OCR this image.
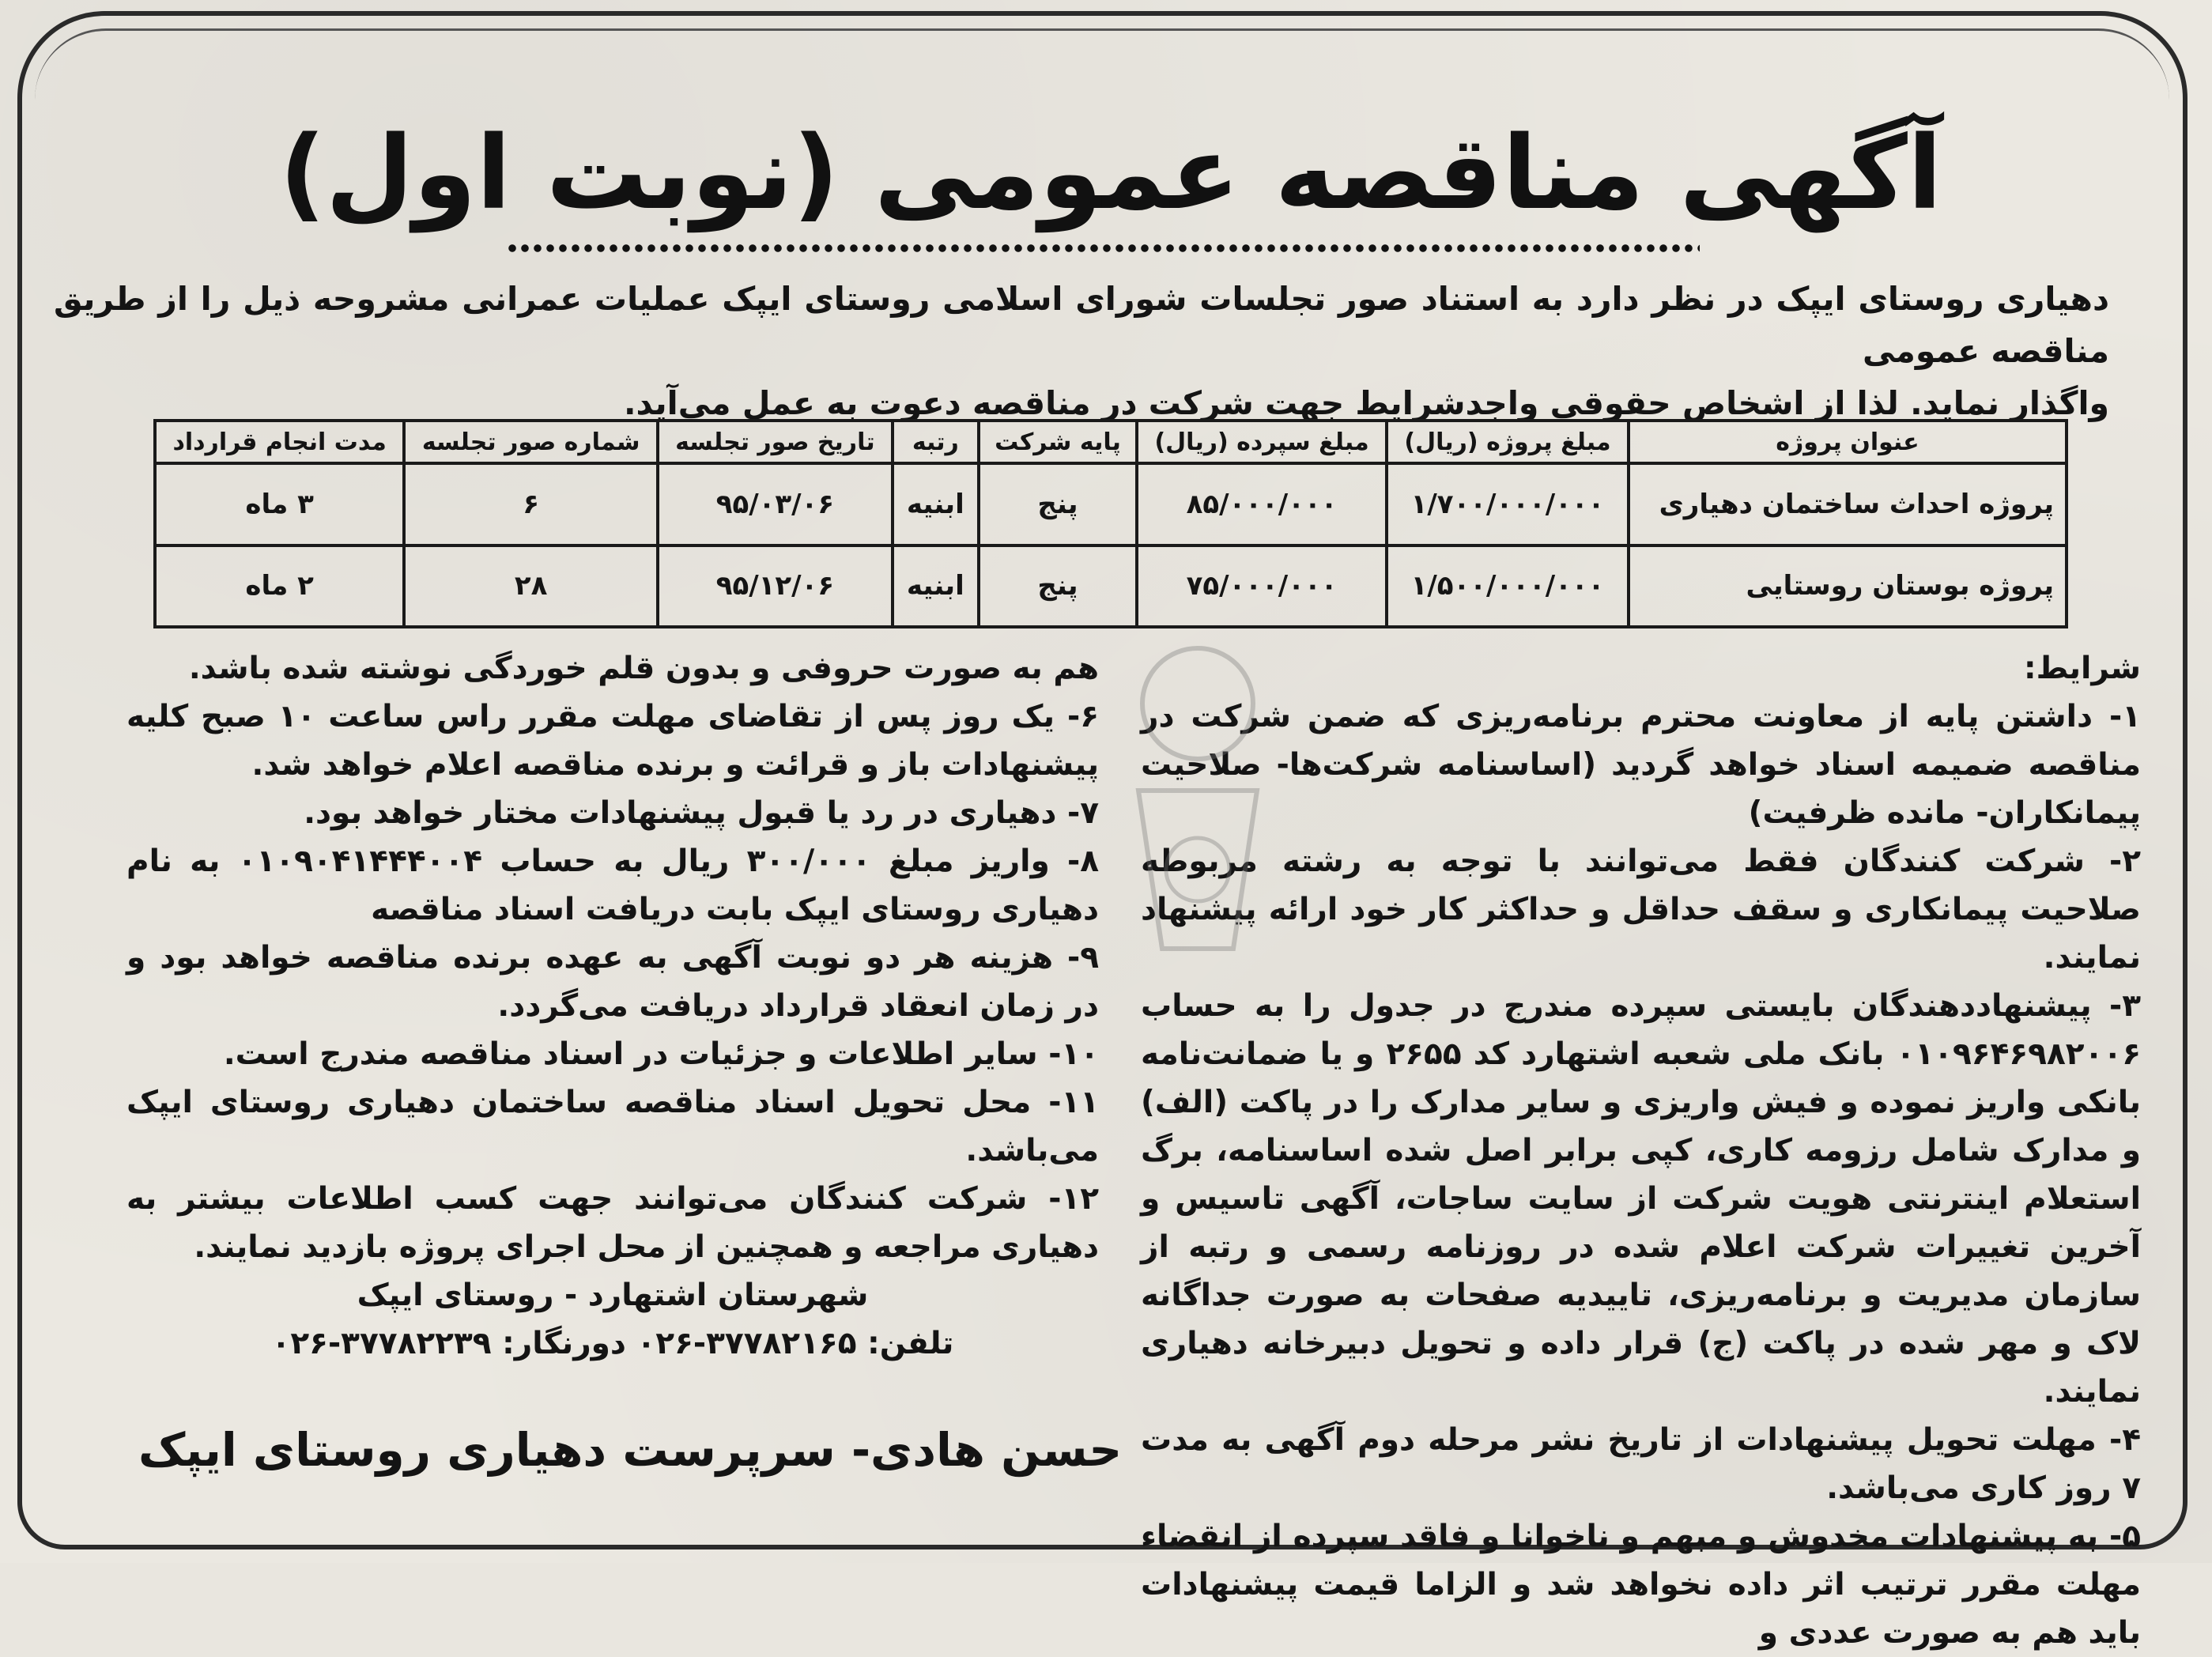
آگهی مناقصه عمومی (نوبت اول)

دهیاری روستای ایپک در نظر دارد به استناد صور تجلسات شورای اسلامی روستای ایپک عملیات عمرانی مشروحه ذیل را از طریق مناقصه عمومی

واگذار نماید. لذا از اشخاص حقوقی واجدشرایط جهت شرکت در مناقصه دعوت به عمل می‌آید.

عنوان پروژه	مبلغ پروژه (ریال)	مبلغ سپرده (ریال)	پایه شرکت	رتبه	تاریخ صور تجلسه	شماره صور تجلسه	مدت انجام قرارداد
پروژه احداث ساختمان دهیاری	۱/۷۰۰/۰۰۰/۰۰۰	۸۵/۰۰۰/۰۰۰	پنج	ابنیه	۹۵/۰۳/۰۶	۶	۳ ماه
پروژه بوستان روستایی	۱/۵۰۰/۰۰۰/۰۰۰	۷۵/۰۰۰/۰۰۰	پنج	ابنیه	۹۵/۱۲/۰۶	۲۸	۲ ماه

شرایط:

۱- داشتن پایه از معاونت محترم برنامه‌ریزی که ضمن شرکت در مناقصه ضمیمه اسناد خواهد گردید (اساسنامه شرکت‌ها- صلاحیت پیمانکاران- مانده ظرفیت)

۲- شرکت کنندگان فقط می‌توانند با توجه به رشته مربوطه صلاحیت پیمانکاری و سقف حداقل و حداکثر کار خود ارائه پیشنهاد نمایند.

۳- پیشنهاددهندگان بایستی سپرده مندرج در جدول را به حساب ۰۱۰۹۶۴۶۹۸۲۰۰۶ بانک ملی شعبه اشتهارد کد ۲۶۵۵ و یا ضمانت‌نامه بانکی واریز نموده و فیش واریزی و سایر مدارک را در پاکت (الف) و مدارک شامل رزومه کاری، کپی برابر اصل شده اساسنامه، برگ استعلام اینترنتی هویت شرکت از سایت ساجات، آگهی تاسیس و آخرین تغییرات شرکت اعلام شده در روزنامه رسمی و رتبه از سازمان مدیریت و برنامه‌ریزی، تاییدیه صفحات به صورت جداگانه لاک و مهر شده در پاکت (ج) قرار داده و تحویل دبیرخانه دهیاری نمایند.

۴- مهلت تحویل پیشنهادات از تاریخ نشر مرحله دوم آگهی به مدت ۷ روز کاری می‌باشد.

۵- به پیشنهادات مخدوش و مبهم و ناخوانا و فاقد سپرده از انقضاء مهلت مقرر ترتیب اثر داده نخواهد شد و الزاما قیمت پیشنهادات باید هم به صورت عددی و

هم به صورت حروفی و بدون قلم خوردگی نوشته شده باشد.

۶- یک روز پس از تقاضای مهلت مقرر راس ساعت ۱۰ صبح کلیه پیشنهادات باز و قرائت و برنده مناقصه اعلام خواهد شد.

۷- دهیاری در رد یا قبول پیشنهادات مختار خواهد بود.

۸- واریز مبلغ ۳۰۰/۰۰۰ ریال به حساب ۰۱۰۹۰۴۱۴۴۴۰۰۴ به نام دهیاری روستای ایپک بابت دریافت اسناد مناقصه

۹- هزینه هر دو نوبت آگهی به عهده برنده مناقصه خواهد بود و در زمان انعقاد قرارداد دریافت می‌گردد.

۱۰- سایر اطلاعات و جزئیات در اسناد مناقصه مندرج است.

۱۱- محل تحویل اسناد مناقصه ساختمان دهیاری روستای ایپک می‌باشد.

۱۲- شرکت کنندگان می‌توانند جهت کسب اطلاعات بیشتر به دهیاری مراجعه و همچنین از محل اجرای پروژه بازدید نمایند.

شهرستان اشتهارد - روستای ایپک

تلفن: ۳۷۷۸۲۱۶۵-۰۲۶ دورنگار: ۳۷۷۸۲۲۳۹-۰۲۶

حسن هادی- سرپرست دهیاری روستای ایپک
